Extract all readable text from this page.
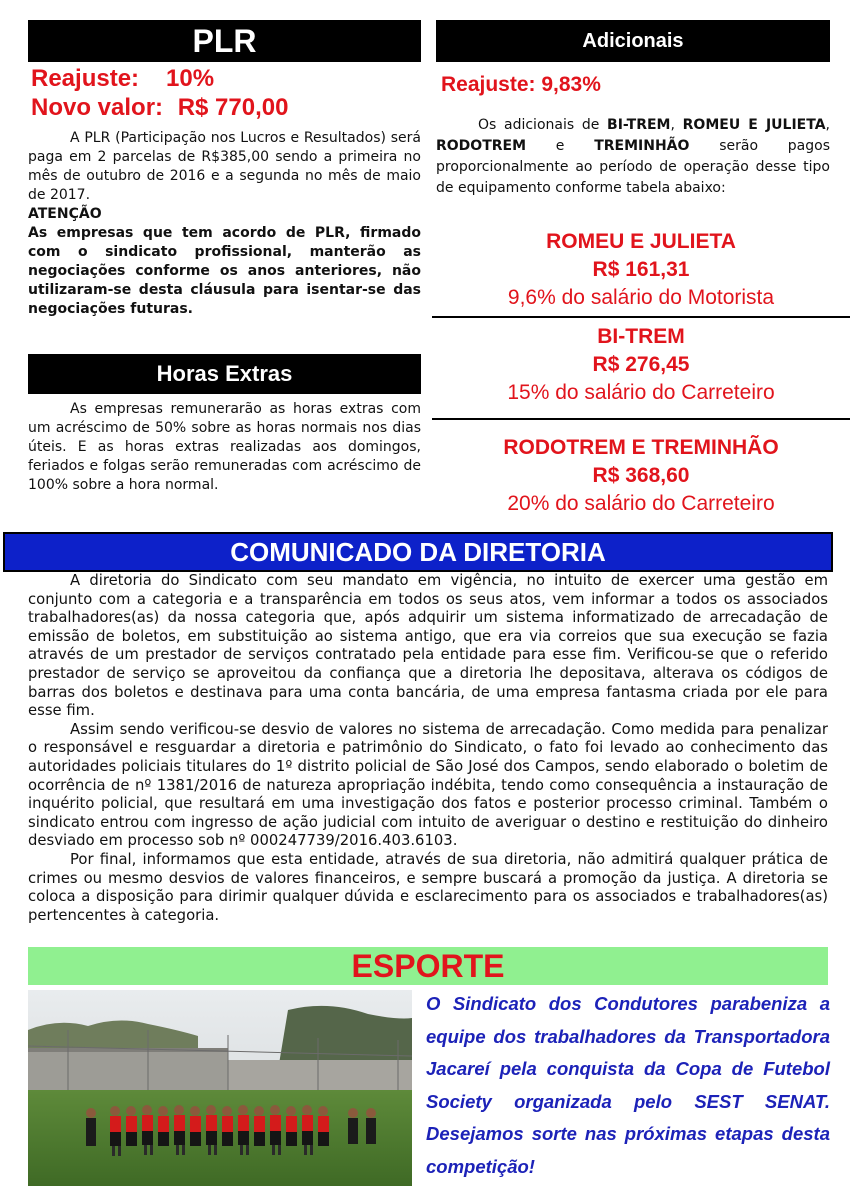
PLR
Reajuste: 10%
Novo valor: R$ 770,00

A PLR (Participação nos Lucros e Resultados) será paga em 2 parcelas de R$385,00 sendo a primeira no mês de outubro de 2016 e a segunda no mês de maio de 2017.

ATENÇÃO
As empresas que tem acordo de PLR, firmado com o sindicato profissional, manterão as negociações conforme os anos anteriores, não utilizaram-se desta cláusula para isentar-se das negociações futuras.
Horas Extras

As empresas remunerarão as horas extras com um acréscimo de 50% sobre as horas normais nos dias úteis. E as horas extras realizadas aos domingos, feriados e folgas serão remuneradas com acréscimo de 100% sobre a hora normal.

Adicionais
Reajuste: 9,83%

Os adicionais de BI-TREM, ROMEU E JULIETA, RODOTREM e TREMINHÃO serão pagos proporcionalmente ao período de operação desse tipo de equipamento conforme tabela abaixo:

ROMEU E JULIETA
R$ 161,31
9,6% do salário do Motorista
BI-TREM
R$ 276,45
15% do salário do Carreteiro
RODOTREM E TREMINHÃO
R$ 368,60
20% do salário do Carreteiro
COMUNICADO DA DIRETORIA

A diretoria do Sindicato com seu mandato em vigência, no intuito de exercer uma gestão em conjunto com a categoria e a transparência em todos os seus atos, vem informar a todos os associados trabalhadores(as) da nossa categoria que, após adquirir um sistema informatizado de arrecadação de emissão de boletos, em substituição ao sistema antigo, que era via correios que sua execução se fazia através de um prestador de serviços contratado pela entidade para esse fim. Verificou-se que o referido prestador de serviço se aproveitou da confiança que a diretoria lhe depositava, alterava os códigos de barras dos boletos e destinava para uma conta bancária, de uma empresa fantasma criada por ele para esse fim.

Assim sendo verificou-se desvio de valores no sistema de arrecadação. Como medida para penalizar o responsável e resguardar a diretoria e patrimônio do Sindicato, o fato foi levado ao conhecimento das autoridades policiais titulares do 1º distrito policial de São José dos Campos, sendo elaborado o boletim de ocorrência de nº 1381/2016 de natureza apropriação indébita, tendo como consequência a instauração de inquérito policial, que resultará em uma investigação dos fatos e posterior processo criminal. Também o sindicato entrou com ingresso de ação judicial com intuito de averiguar o destino e restituição do dinheiro desviado em processo sob nº 000247739/2016.403.6103.

Por final, informamos que esta entidade, através de sua diretoria, não admitirá qualquer prática de crimes ou mesmo desvios de valores financeiros, e sempre buscará a promoção da justiça. A diretoria se coloca a disposição para dirimir qualquer dúvida e esclarecimento para os associados e trabalhadores(as) pertencentes à categoria.

ESPORTE
O Sindicato dos Condutores parabeniza a equipe dos trabalhadores da Transportadora Jacareí pela conquista da Copa de Futebol Society organizada pelo SEST SENAT. Desejamos sorte nas próximas etapas desta competição!
